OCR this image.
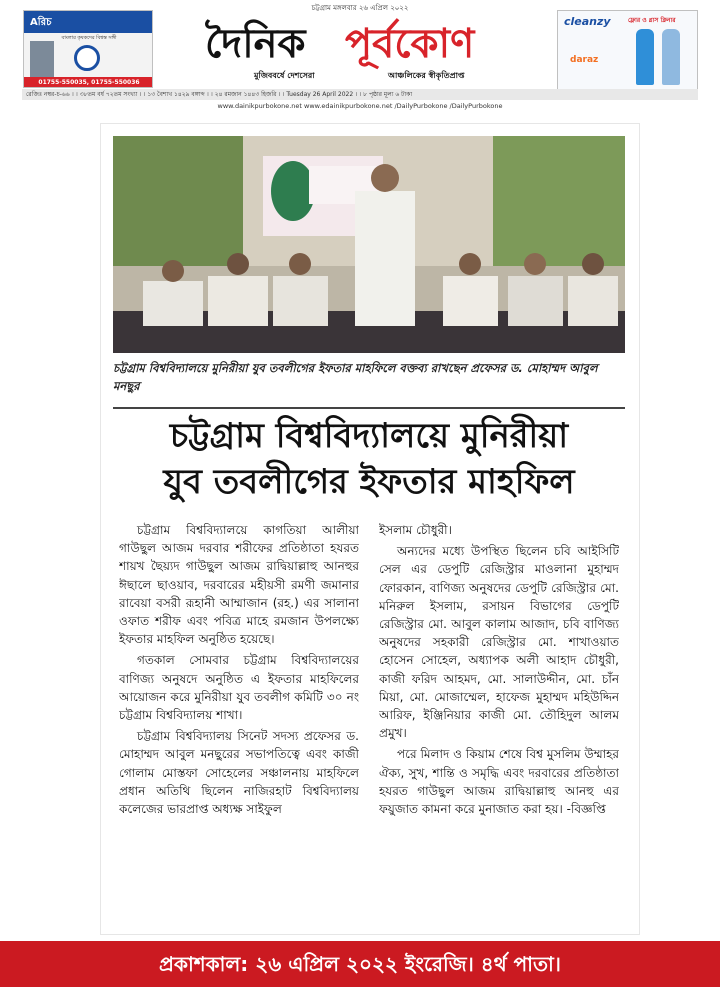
চট্টগ্রাম মঙ্গলবার ২৬ এপ্রিল ২০২২
Aরিচ
বাংলার কৃষকদের বিশ্বস্ত সঙ্গী
01755-550035, 01755-550036
দৈনিক পূর্বকোণ
মুজিববর্ষে দেশসেরা	আঞ্চলিকের স্বীকৃতিপ্রাপ্ত
cleanzy	ফ্লোর ও গ্লাস ক্লিনার
daraz
রেজিঃ নম্বর-চ-৬৬ । । ৩৮তম বর্ষ ৭২তম সংখ্যা । । ১৩ বৈশাখ ১৪২৯ বঙ্গাব্দ । । ২৪ রমজান ১৪৪৩ হিজরি । । Tuesday 26 April 2022 । । ৮ পৃষ্ঠার মূল্য ৬ টাকা
www.dainikpurbokone.net www.edainikpurbokone.net /DailyPurbokone /DailyPurbokone
চট্টগ্রাম বিশ্ববিদ্যালয়ে মুনিরীয়া যুব তবলীগের ইফতার মাহফিলে বক্তব্য রাখছেন প্রফেসর ড. মোহাম্মদ আবুল মনছুর
চট্টগ্রাম বিশ্ববিদ্যালয়ে মুনিরীয়া
যুব তবলীগের ইফতার মাহফিল

চট্টগ্রাম বিশ্ববিদ্যালয়ে কাগতিয়া আলীয়া গাউছুল আজম দরবার শরীফের প্রতিষ্ঠাতা হযরত শায়খ ছৈয়্যদ গাউছুল আজম রাদ্বিয়াল্লাহু আনহুর ঈছালে ছাওয়াব, দরবারের মহীয়সী রমণী জমানার রাবেয়া বসরী রূহানী আম্মাজান (রহ.) এর সালানা ওফাত শরীফ এবং পবিত্র মাহে রমজান উপলক্ষ্যে ইফতার মাহফিল অনুষ্ঠিত হয়েছে।

গতকাল সোমবার চট্টগ্রাম বিশ্ববিদ্যালয়ের বাণিজ্য অনুষদে অনুষ্ঠিত এ ইফতার মাহফিলের আয়োজন করে মুনিরীয়া যুব তবলীগ কমিটি ৩০ নং চট্টগ্রাম বিশ্ববিদ্যালয় শাখা।

চট্টগ্রাম বিশ্ববিদ্যালয় সিনেট সদস্য প্রফেসর ড. মোহাম্মদ আবুল মনছুরের সভাপতিত্বে এবং কাজী গোলাম মোস্তফা সোহেলের সঞ্চালনায় মাহফিলে প্রধান অতিথি ছিলেন নাজিরহাট বিশ্ববিদ্যালয় কলেজের ভারপ্রাপ্ত অধ্যক্ষ সাইফুল

ইসলাম চৌধুরী।

অন্যদের মধ্যে উপস্থিত ছিলেন চবি আইসিটি সেল এর ডেপুটি রেজিস্ট্রার মাওলানা মুহাম্মদ ফোরকান, বাণিজ্য অনুষদের ডেপুটি রেজিস্ট্রার মো. মনিরুল ইসলাম, রসায়ন বিভাগের ডেপুটি রেজিস্ট্রার মো. আবুল কালাম আজাদ, চবি বাণিজ্য অনুষদের সহকারী রেজিস্ট্রার মো. শাখাওয়াত হোসেন সোহেল, অধ্যাপক অলী আহাদ চৌধুরী, কাজী ফরিদ আহমদ, মো. সালাউদ্দীন, মো. চাঁন মিয়া, মো. মোজাম্মেল, হাফেজ মুহাম্মদ মহিউদ্দিন আরিফ, ইঞ্জিনিয়ার কাজী মো. তৌহিদুল আলম প্রমুখ।

পরে মিলাদ ও কিয়াম শেষে বিশ্ব মুসলিম উম্মাহর ঐক্য, সুখ, শান্তি ও সমৃদ্ধি এবং দরবারের প্রতিষ্ঠাতা হযরত গাউছুল আজম রাদ্বিয়াল্লাহু আনহু এর ফয়ুজাত কামনা করে মুনাজাত করা হয়। -বিজ্ঞপ্তি

প্রকাশকাল: ২৬ এপ্রিল ২০২২ ইংরেজি। ৪র্থ পাতা।
